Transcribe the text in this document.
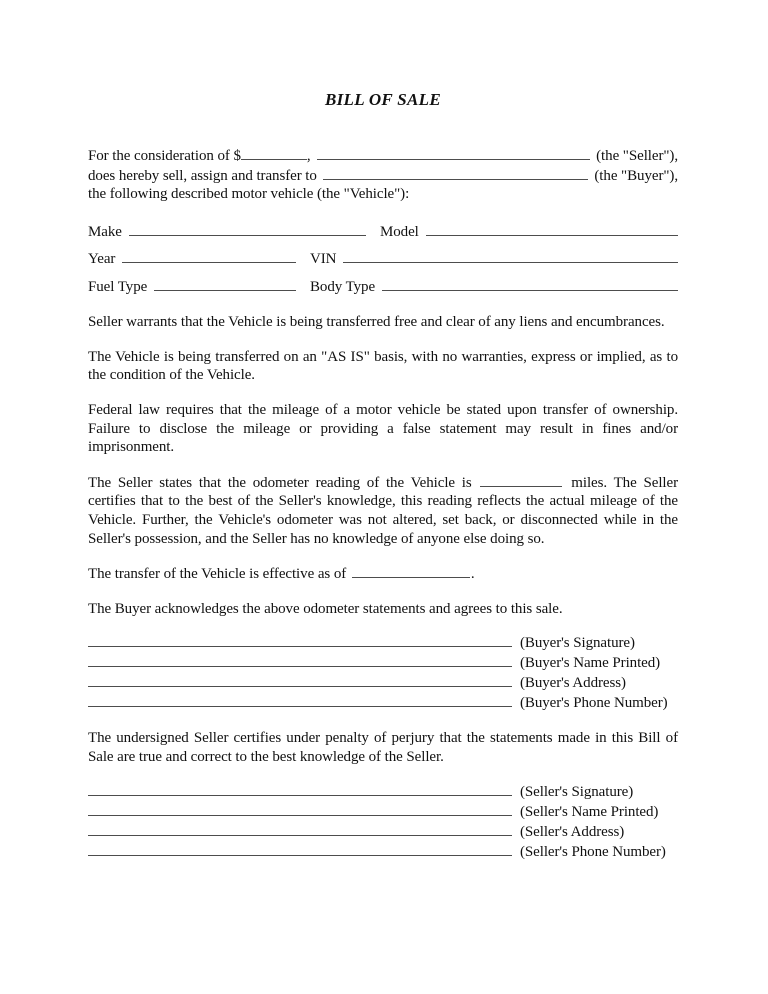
BILL OF SALE
For the consideration of $	,	(the "Seller"),
does hereby sell, assign and transfer to	(the "Buyer"),
the following described motor vehicle (the "Vehicle"):
Make	Model
Year	VIN
Fuel Type	Body Type

Seller warrants that the Vehicle is being transferred free and clear of any liens and encumbrances.

The Vehicle is being transferred on an "AS IS" basis, with no warranties, express or implied, as to the condition of the Vehicle.

Federal law requires that the mileage of a motor vehicle be stated upon transfer of ownership. Failure to disclose the mileage or providing a false statement may result in fines and/or imprisonment.

The Seller states that the odometer reading of the Vehicle is	miles. The Seller certifies that to the best of the Seller's knowledge, this reading reflects the actual mileage of the Vehicle. Further, the Vehicle's odometer was not altered, set back, or disconnected while in the Seller's possession, and the Seller has no knowledge of anyone else doing so.

The transfer of the Vehicle is effective as of	.

The Buyer acknowledges the above odometer statements and agrees to this sale.

(Buyer's Signature)
(Buyer's Name Printed)
(Buyer's Address)
(Buyer's Phone Number)

The undersigned Seller certifies under penalty of perjury that the statements made in this Bill of Sale are true and correct to the best knowledge of the Seller.

(Seller's Signature)
(Seller's Name Printed)
(Seller's Address)
(Seller's Phone Number)
